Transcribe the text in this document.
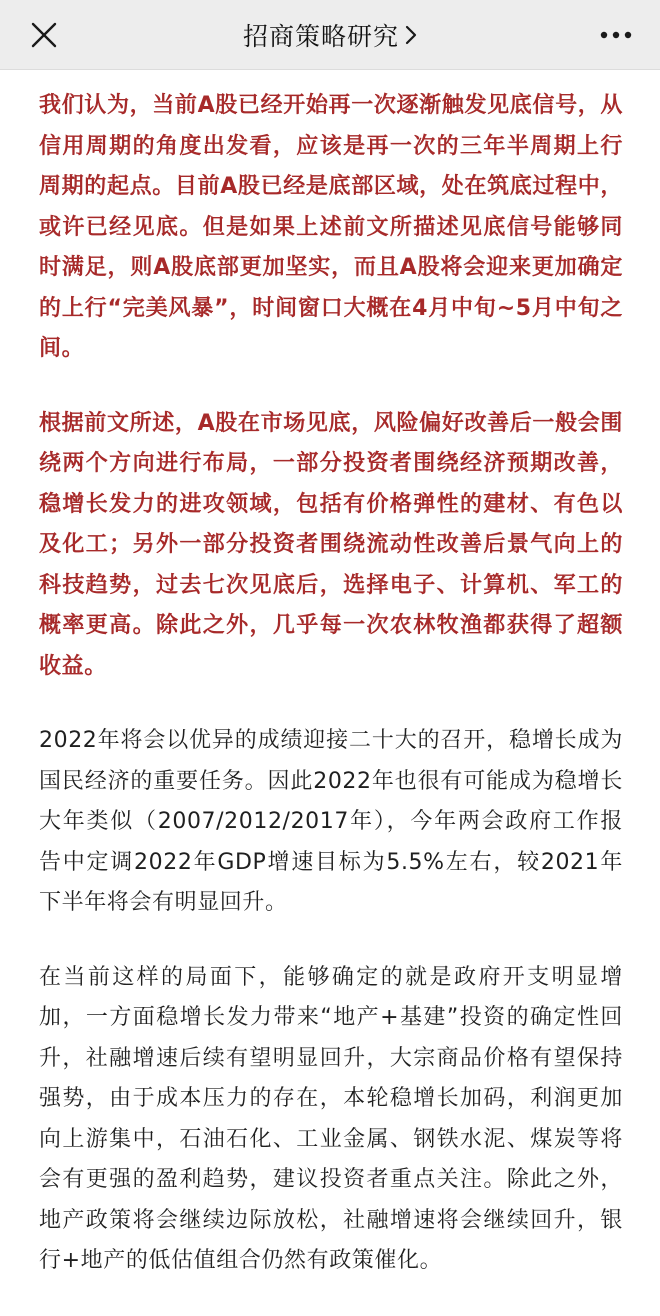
招商策略研究

我们认为，当前A股已经开始再一次逐渐触发见底信号，从信用周期的角度出发看，应该是再一次的三年半周期上行周期的起点。目前A股已经是底部区域，处在筑底过程中，或许已经见底。但是如果上述前文所描述见底信号能够同时满足，则A股底部更加坚实，而且A股将会迎来更加确定的上行“完美风暴”，时间窗口大概在4月中旬~5月中旬之间。

根据前文所述，A股在市场见底，风险偏好改善后一般会围绕两个方向进行布局，一部分投资者围绕经济预期改善，稳增长发力的进攻领域，包括有价格弹性的建材、有色以及化工；另外一部分投资者围绕流动性改善后景气向上的科技趋势，过去七次见底后，选择电子、计算机、军工的概率更高。除此之外，几乎每一次农林牧渔都获得了超额收益。

2022年将会以优异的成绩迎接二十大的召开，稳增长成为国民经济的重要任务。因此2022年也很有可能成为稳增长大年类似（2007/2012/2017年），今年两会政府工作报告中定调2022年GDP增速目标为5.5%左右，较2021年下半年将会有明显回升。

在当前这样的局面下，能够确定的就是政府开支明显增加，一方面稳增长发力带来“地产+基建”投资的确定性回升，社融增速后续有望明显回升，大宗商品价格有望保持强势，由于成本压力的存在，本轮稳增长加码，利润更加向上游集中，石油石化、工业金属、钢铁水泥、煤炭等将会有更强的盈利趋势，建议投资者重点关注。除此之外，地产政策将会继续边际放松，社融增速将会继续回升，银行+地产的低估值组合仍然有政策催化。
